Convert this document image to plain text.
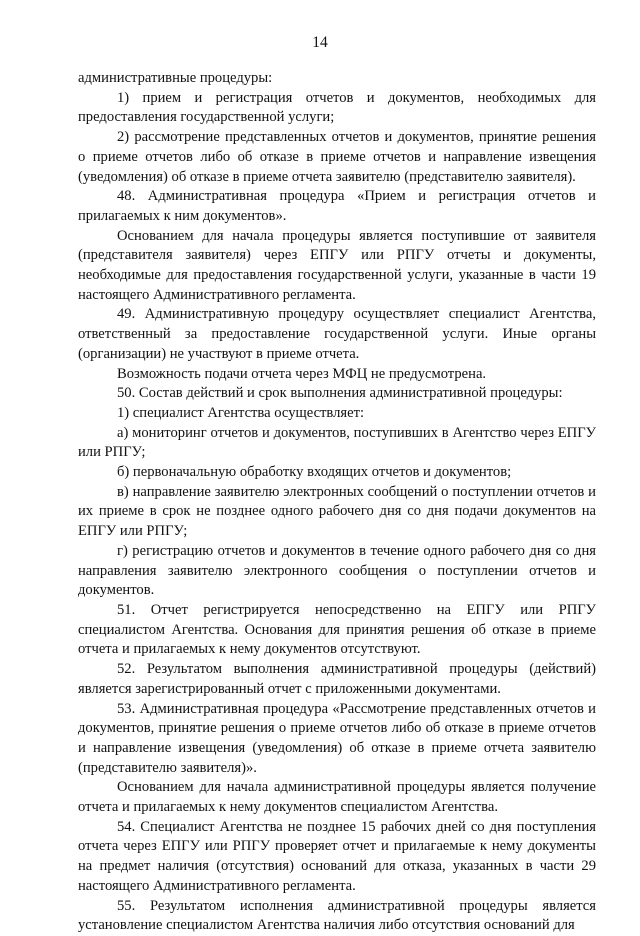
14

административные процедуры:

1) прием и регистрация отчетов и документов, необходимых для предоставления государственной услуги;

2) рассмотрение представленных отчетов и документов, принятие решения о приеме отчетов либо об отказе в приеме отчетов и направление извещения (уведомления) об отказе в приеме отчета заявителю (представителю заявителя).

48. Административная процедура «Прием и регистрация отчетов и прилагаемых к ним документов».

Основанием для начала процедуры является поступившие от заявителя (представителя заявителя) через ЕПГУ или РПГУ отчеты и документы, необходимые для предоставления государственной услуги, указанные в части 19 настоящего Административного регламента.

49. Административную процедуру осуществляет специалист Агентства, ответственный за предоставление государственной услуги. Иные органы (организации) не участвуют в приеме отчета.

Возможность подачи отчета через МФЦ не предусмотрена.

50. Состав действий и срок выполнения административной процедуры:

1) специалист Агентства осуществляет:

а) мониторинг отчетов и документов, поступивших в Агентство через ЕПГУ или РПГУ;

б) первоначальную обработку входящих отчетов и документов;

в) направление заявителю электронных сообщений о поступлении отчетов и их приеме в срок не позднее одного рабочего дня со дня подачи документов на ЕПГУ или РПГУ;

г) регистрацию отчетов и документов в течение одного рабочего дня со дня направления заявителю электронного сообщения о поступлении отчетов и документов.

51. Отчет регистрируется непосредственно на ЕПГУ или РПГУ специалистом Агентства. Основания для принятия решения об отказе в приеме отчета и прилагаемых к нему документов отсутствуют.

52. Результатом выполнения административной процедуры (действий) является зарегистрированный отчет с приложенными документами.

53. Административная процедура «Рассмотрение представленных отчетов и документов, принятие решения о приеме отчетов либо об отказе в приеме отчетов и направление извещения (уведомления) об отказе в приеме отчета заявителю (представителю заявителя)».

Основанием для начала административной процедуры является получение отчета и прилагаемых к нему документов специалистом Агентства.

54. Специалист Агентства не позднее 15 рабочих дней со дня поступления отчета через ЕПГУ или РПГУ проверяет отчет и прилагаемые к нему документы на предмет наличия (отсутствия) оснований для отказа, указанных в части 29 настоящего Административного регламента.

55. Результатом исполнения административной процедуры является установление специалистом Агентства наличия либо отсутствия оснований для
